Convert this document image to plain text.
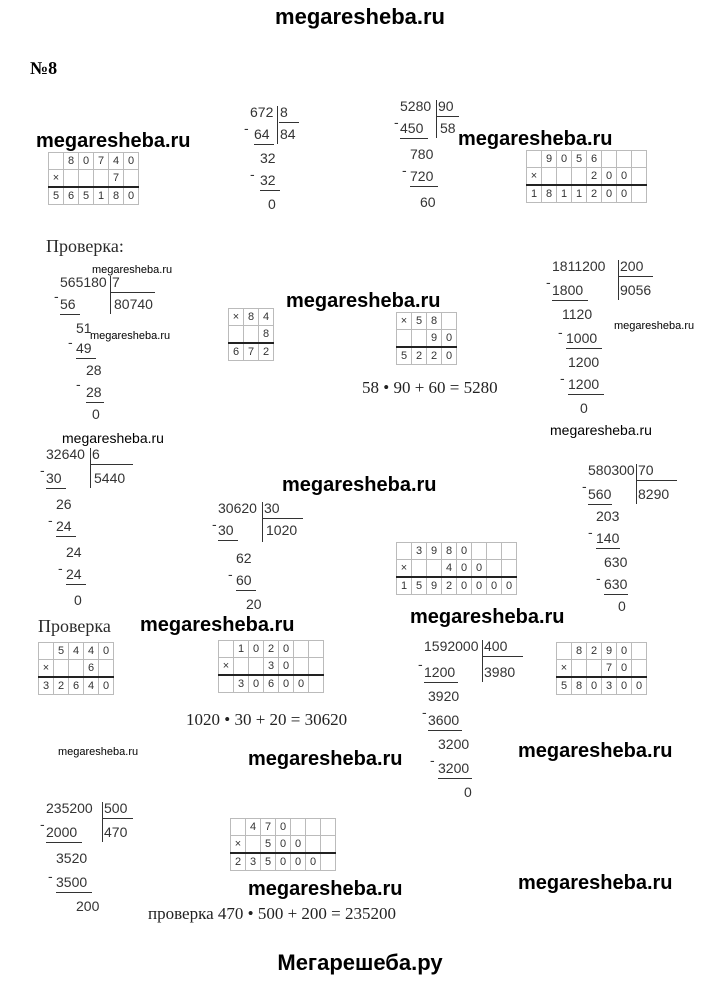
megaresheba.ru
№8
megaresheba.ru	megaresheba.ru
megaresheba.ru
megaresheba.ru
megaresheba.ru
megaresheba.ru
megaresheba.ru	megaresheba.ru
megaresheba.ru
megaresheba.ru	megaresheba.ru
megaresheba.ru	megaresheba.ru	megaresheba.ru
megaresheba.ru	megaresheba.ru
Проверка:
Проверка
672 8
84
- 64
32
- 32
0
5280 90
58
- 450
780
- 720
60
565180 7
80740
- 56
51
- 49
28
- 28
0
1811200 200
9056
- 1800
1120
- 1000
1200
- 1200
0
32640 6
5440
- 30
26
- 24
24
- 24
0
30620 30
1020
- 30
62
- 60
20
580300 70
8290
- 560
203
- 140
630
- 630
0
1592000 400
3980
- 1200
3920
- 3600
3200
- 3200
0
235200 500
470
- 2000
3520
- 3500
200
	8	0	7	4	0
×				7	
5	6	5	1	8	0
	9	0	5	6			
×				2	0	0	
1	8	1	1	2	0	0	
×	8	4
		8
6	7	2
×	5	8	
		9	0
5	2	2	0
	3	9	8	0			
×			4	0	0		
1	5	9	2	0	0	0	0
	5	4	4	0
×			6	
3	2	6	4	0
	1	0	2	0		
×			3	0		
	3	0	6	0	0	
	8	2	9	0	
×			7	0	
5	8	0	3	0	0
	4	7	0			
×		5	0	0		
2	3	5	0	0	0	
58 • 90 + 60 = 5280
1020 • 30 + 20 = 30620
проверка 470 • 500 + 200 = 235200
Мегарешеба.ру
